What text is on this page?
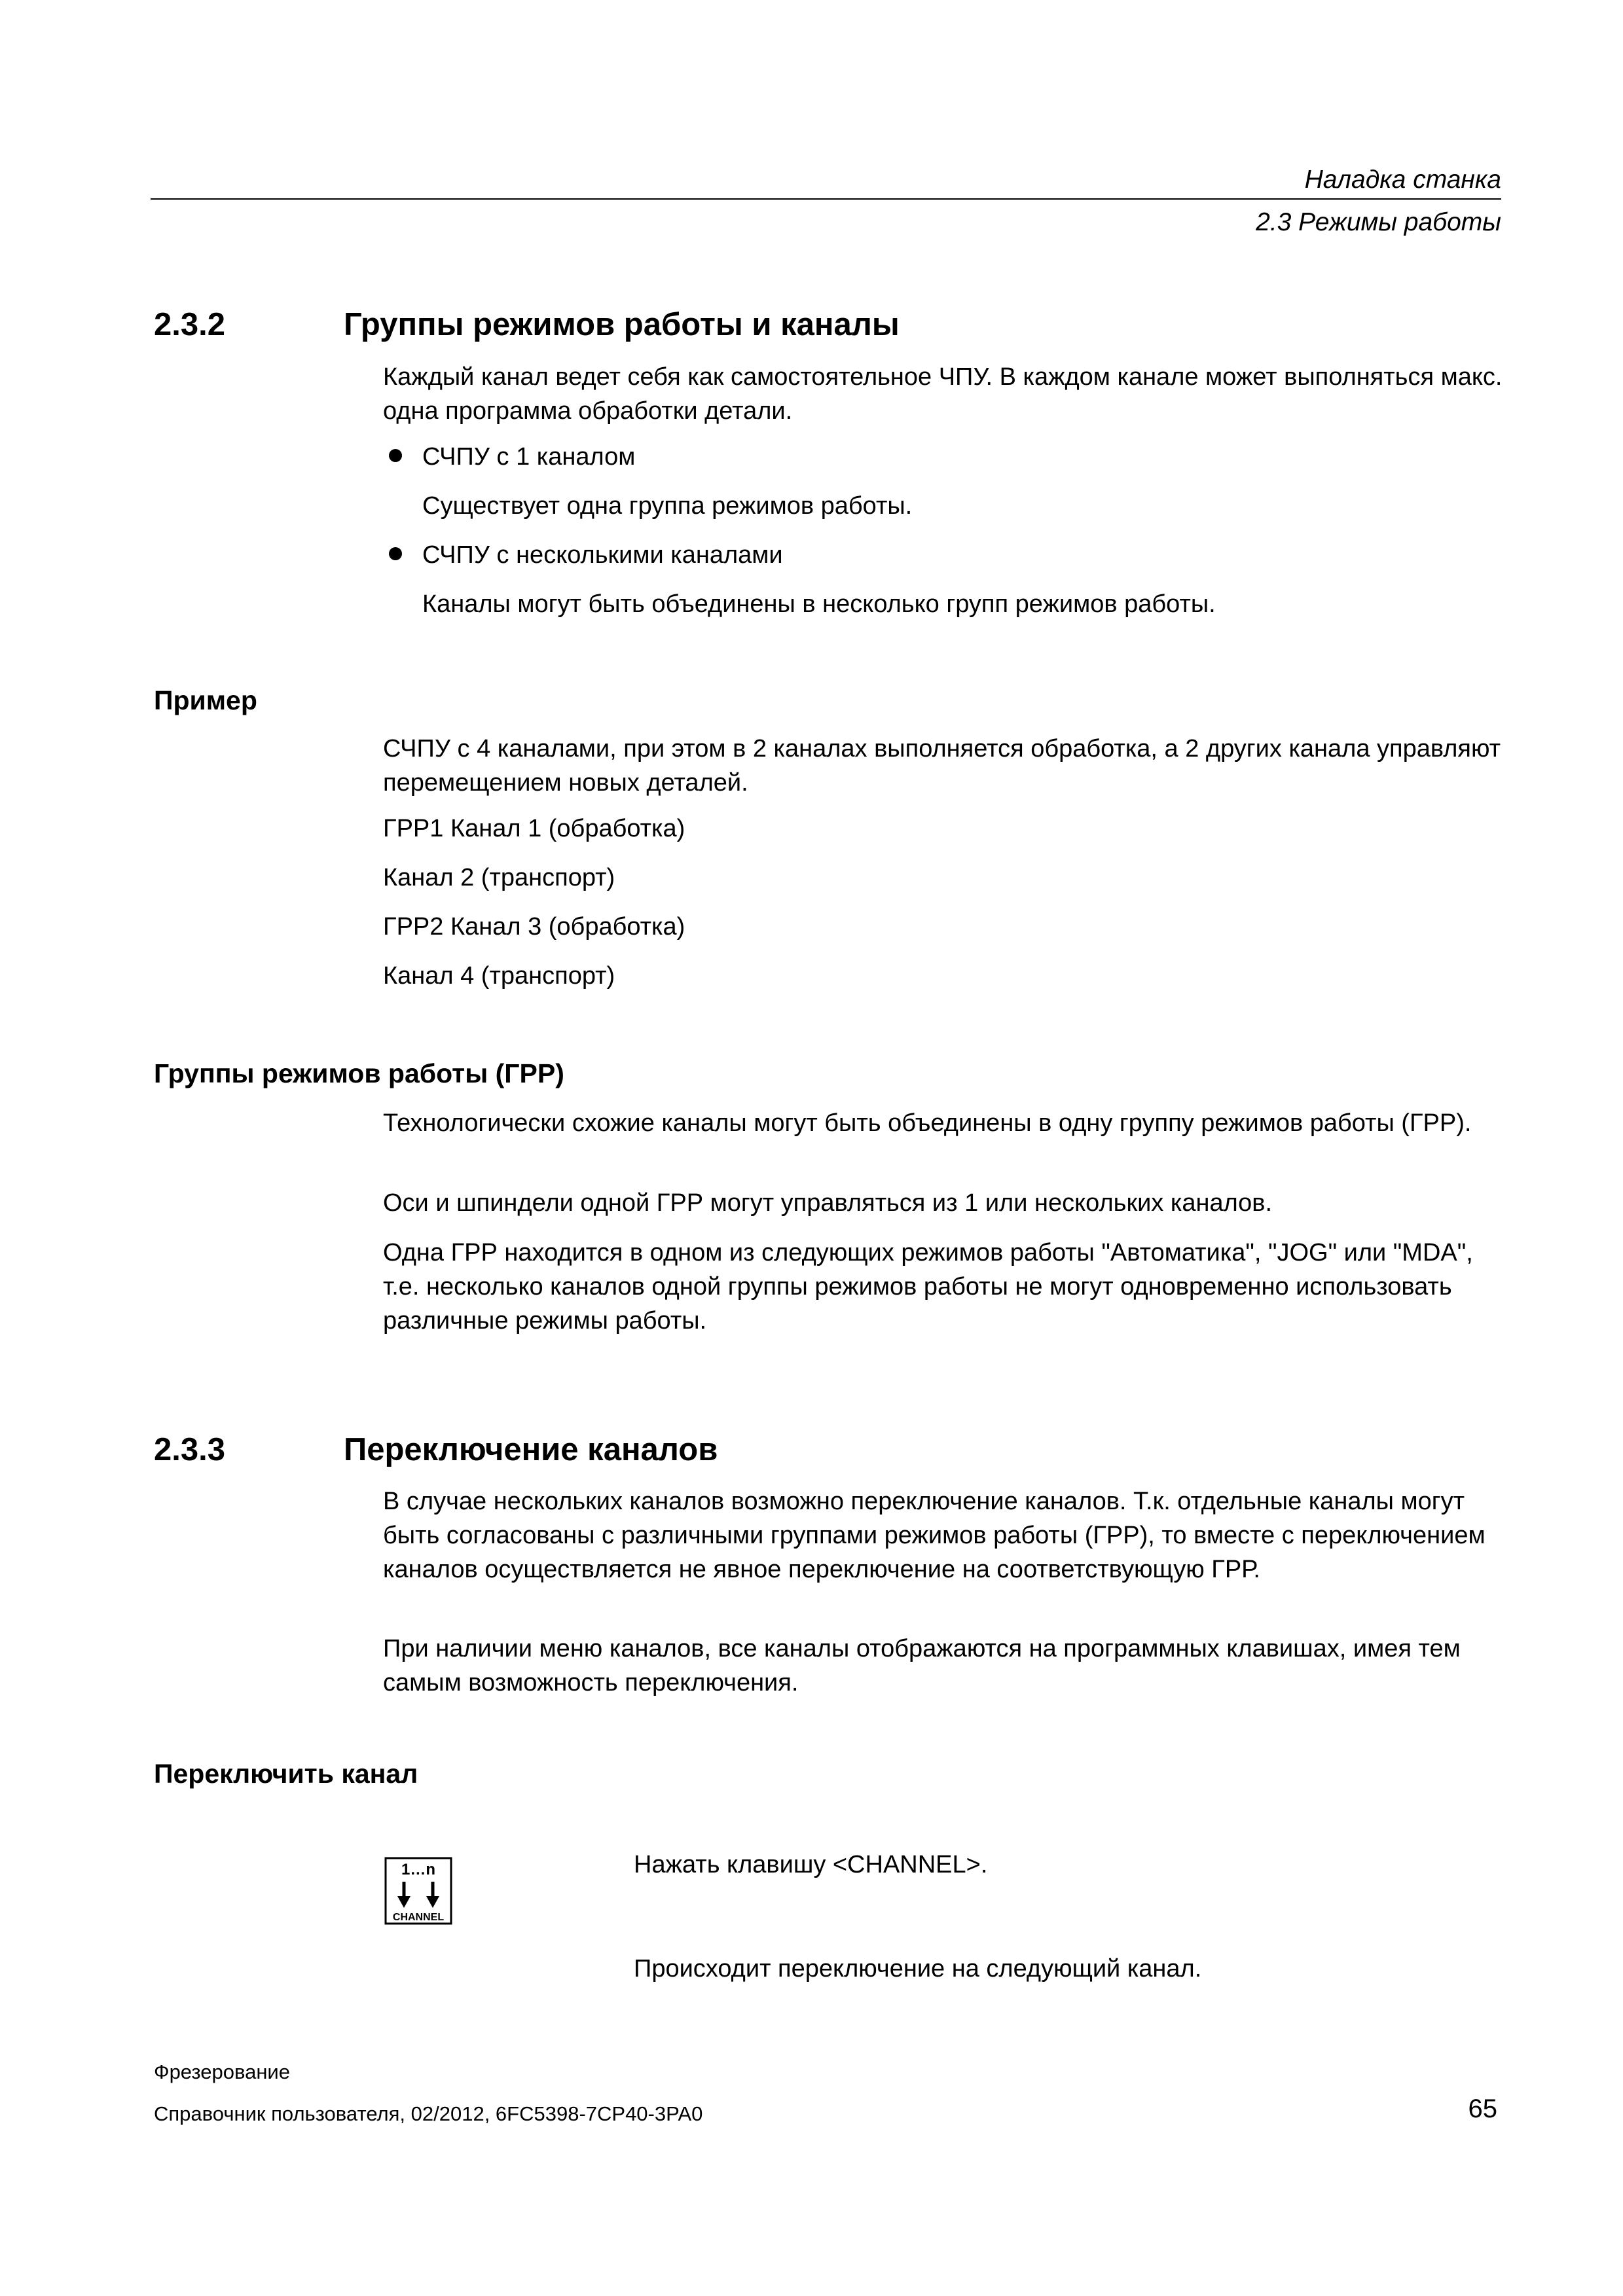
Наладка станка
2.3 Режимы работы
2.3.2	Группы режимов работы и каналы
Каждый канал ведет себя как самостоятельное ЧПУ. В каждом канале может выполняться макс. одна программа обработки детали.
СЧПУ с 1 каналом
Существует одна группа режимов работы.
СЧПУ с несколькими каналами
Каналы могут быть объединены в несколько групп режимов работы.
Пример
СЧПУ с 4 каналами, при этом в 2 каналах выполняется обработка, а 2 других канала управляют перемещением новых деталей.
ГРР1 Канал 1 (обработка)
Канал 2 (транспорт)
ГРР2 Канал 3 (обработка)
Канал 4 (транспорт)
Группы режимов работы (ГРР)
Технологически схожие каналы могут быть объединены в одну группу режимов работы (ГРР).
Оси и шпиндели одной ГРР могут управляться из 1 или нескольких каналов.
Одна ГРР находится в одном из следующих режимов работы "Автоматика", "JOG" или "MDA", т.е. несколько каналов одной группы режимов работы не могут одновременно использовать различные режимы работы.
2.3.3	Переключение каналов
В случае нескольких каналов возможно переключение каналов. Т.к. отдельные каналы могут быть согласованы с различными группами режимов работы (ГРР), то вместе с переключением каналов осуществляется не явное переключение на соответствующую ГРР.
При наличии меню каналов, все каналы отображаются на программных клавишах, имея тем самым возможность переключения.
Переключить канал
1…n
CHANNEL
Нажать клавишу <CHANNEL>.
Происходит переключение на следующий канал.
Фрезерование
Справочник пользователя, 02/2012, 6FC5398-7CP40-3PA0	65
